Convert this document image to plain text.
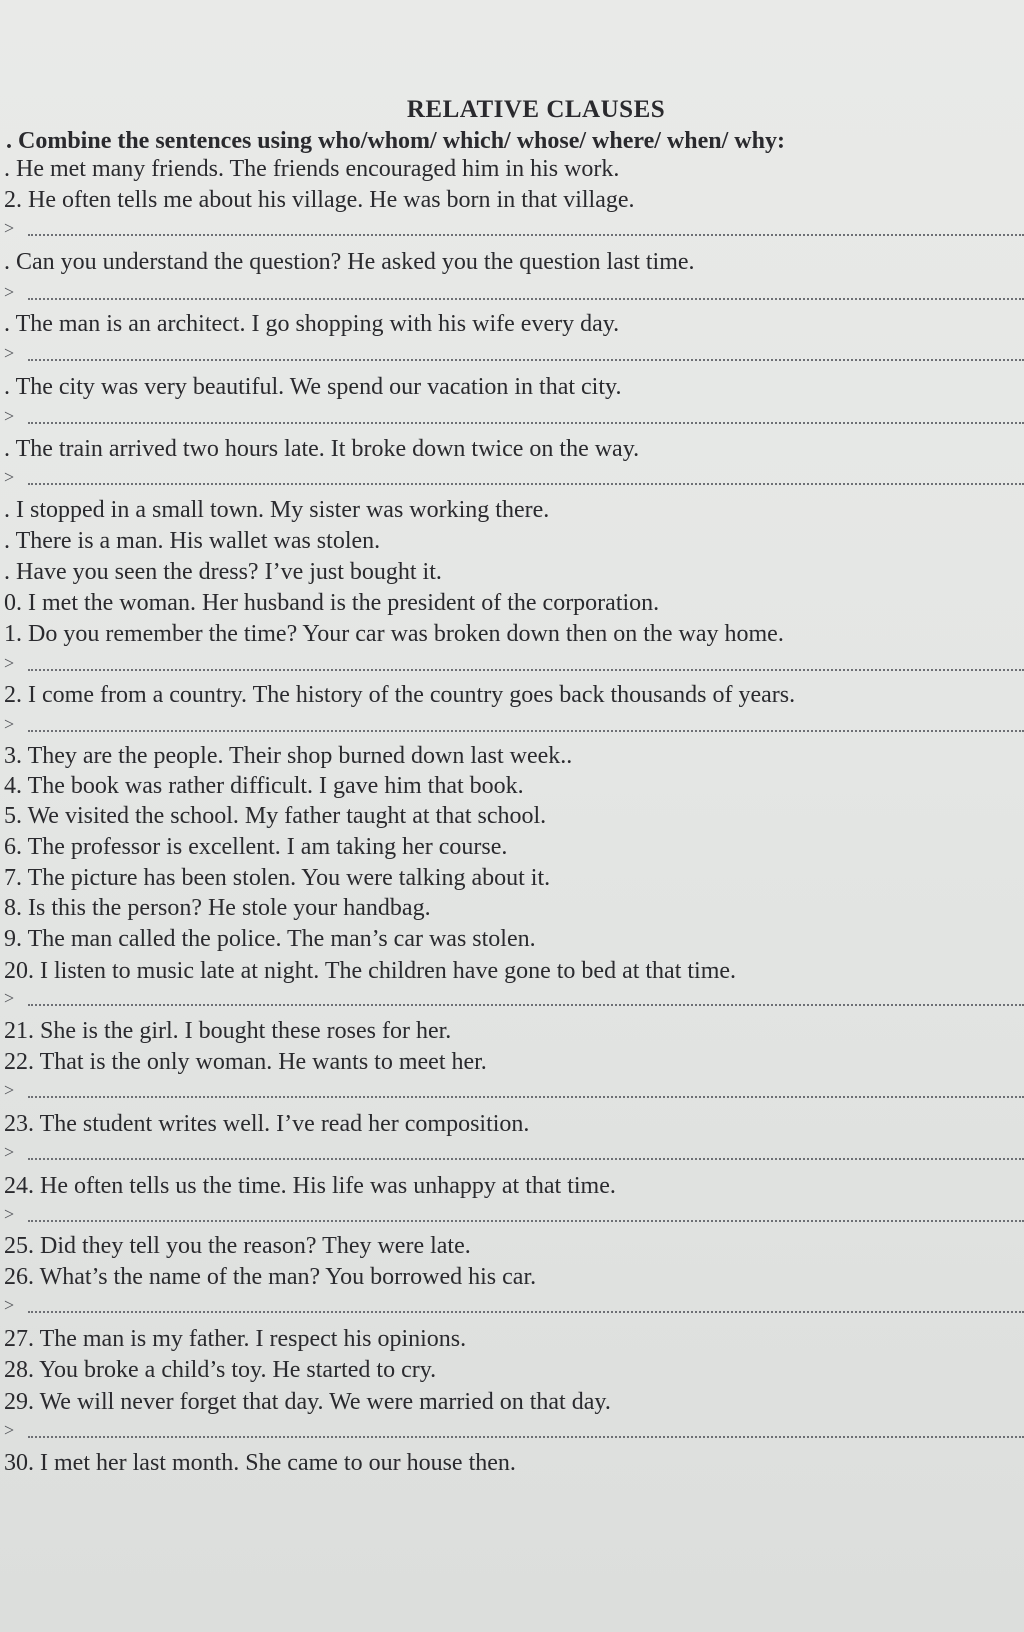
RELATIVE CLAUSES
. Combine the sentences using who/whom/ which/ whose/ where/ when/ why:
. He met many friends. The friends encouraged him in his work.
2. He often tells me about his village. He was born in that village.
. Can you understand the question? He asked you the question last time.
. The man is an architect. I go shopping with his wife every day.
. The city was very beautiful. We spend our vacation in that city.
. The train arrived two hours late. It broke down twice on the way.
. I stopped in a small town. My sister was working there.
. There is a man. His wallet was stolen.
. Have you seen the dress? I’ve just bought it.
0. I met the woman. Her husband is the president of the corporation.
1. Do you remember the time? Your car was broken down then on the way home.
2. I come from a country. The history of the country goes back thousands of years.
3. They are the people. Their shop burned down last week..
4. The book was rather difficult. I gave him that book.
5. We visited the school. My father taught at that school.
6. The professor is excellent. I am taking her course.
7. The picture has been stolen. You were talking about it.
8. Is this the person? He stole your handbag.
9. The man called the police. The man’s car was stolen.
20. I listen to music late at night. The children have gone to bed at that time.
21. She is the girl. I bought these roses for her.
22. That is the only woman. He wants to meet her.
23. The student writes well. I’ve read her composition.
24. He often tells us the time. His life was unhappy at that time.
25. Did they tell you the reason? They were late.
26. What’s the name of the man? You borrowed his car.
27. The man is my father. I respect his opinions.
28. You broke a child’s toy. He started to cry.
29. We will never forget that day. We were married on that day.
30. I met her last month. She came to our house then.
>
>
>
>
>
>
>
>
>
>
>
>
>
